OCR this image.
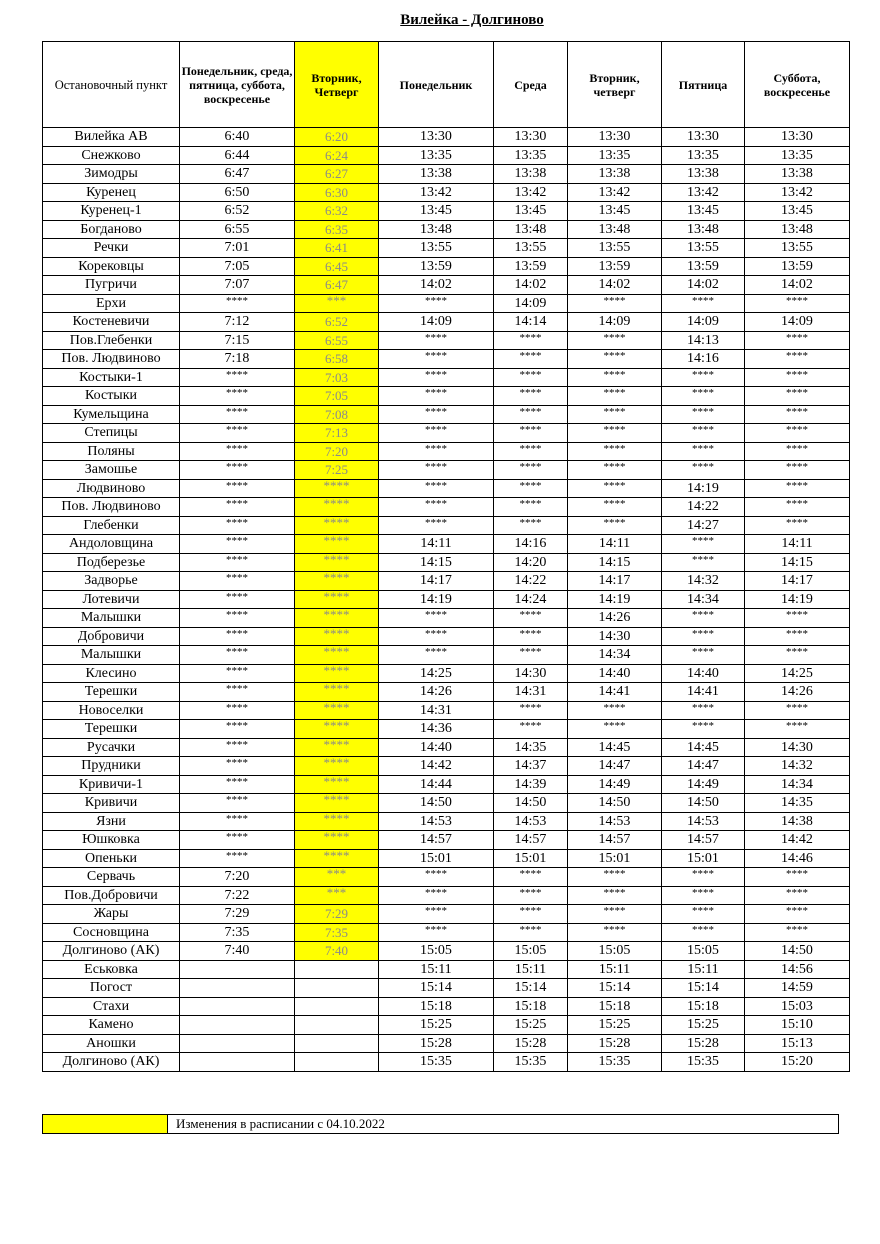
Вилейка - Долгиново
Остановочный пункт	Понедельник, среда, пятница, суббота, воскресенье	Вторник, Четверг	Понедельник	Среда	Вторник, четверг	Пятница	Суббота, воскресенье
Вилейка АВ	6:40	6:20	13:30	13:30	13:30	13:30	13:30
Снежково	6:44	6:24	13:35	13:35	13:35	13:35	13:35
Зимодры	6:47	6:27	13:38	13:38	13:38	13:38	13:38
Куренец	6:50	6:30	13:42	13:42	13:42	13:42	13:42
Куренец-1	6:52	6:32	13:45	13:45	13:45	13:45	13:45
Богданово	6:55	6:35	13:48	13:48	13:48	13:48	13:48
Речки	7:01	6:41	13:55	13:55	13:55	13:55	13:55
Корековцы	7:05	6:45	13:59	13:59	13:59	13:59	13:59
Пугричи	7:07	6:47	14:02	14:02	14:02	14:02	14:02
Ерхи	****	***	****	14:09	****	****	****
Костеневичи	7:12	6:52	14:09	14:14	14:09	14:09	14:09
Пов.Глебенки	7:15	6:55	****	****	****	14:13	****
Пов. Людвиново	7:18	6:58	****	****	****	14:16	****
Костыки-1	****	7:03	****	****	****	****	****
Костыки	****	7:05	****	****	****	****	****
Кумельщина	****	7:08	****	****	****	****	****
Степицы	****	7:13	****	****	****	****	****
Поляны	****	7:20	****	****	****	****	****
Замошье	****	7:25	****	****	****	****	****
Людвиново	****	****	****	****	****	14:19	****
Пов. Людвиново	****	****	****	****	****	14:22	****
Глебенки	****	****	****	****	****	14:27	****
Андоловщина	****	****	14:11	14:16	14:11	****	14:11
Подберезье	****	****	14:15	14:20	14:15	****	14:15
Задворье	****	****	14:17	14:22	14:17	14:32	14:17
Лотевичи	****	****	14:19	14:24	14:19	14:34	14:19
Малышки	****	****	****	****	14:26	****	****
Добровичи	****	****	****	****	14:30	****	****
Малышки	****	****	****	****	14:34	****	****
Клесино	****	****	14:25	14:30	14:40	14:40	14:25
Терешки	****	****	14:26	14:31	14:41	14:41	14:26
Новоселки	****	****	14:31	****	****	****	****
Терешки	****	****	14:36	****	****	****	****
Русачки	****	****	14:40	14:35	14:45	14:45	14:30
Прудники	****	****	14:42	14:37	14:47	14:47	14:32
Кривичи-1	****	****	14:44	14:39	14:49	14:49	14:34
Кривичи	****	****	14:50	14:50	14:50	14:50	14:35
Язни	****	****	14:53	14:53	14:53	14:53	14:38
Юшковка	****	****	14:57	14:57	14:57	14:57	14:42
Опеньки	****	****	15:01	15:01	15:01	15:01	14:46
Сервачь	7:20	***	****	****	****	****	****
Пов.Добровичи	7:22	***	****	****	****	****	****
Жары	7:29	7:29	****	****	****	****	****
Сосновщина	7:35	7:35	****	****	****	****	****
Долгиново (АК)	7:40	7:40	15:05	15:05	15:05	15:05	14:50
Еськовка			15:11	15:11	15:11	15:11	14:56
Погост			15:14	15:14	15:14	15:14	14:59
Стахи			15:18	15:18	15:18	15:18	15:03
Камено			15:25	15:25	15:25	15:25	15:10
Аношки			15:28	15:28	15:28	15:28	15:13
Долгиново (АК)			15:35	15:35	15:35	15:35	15:20
Изменения в расписании с 04.10.2022
